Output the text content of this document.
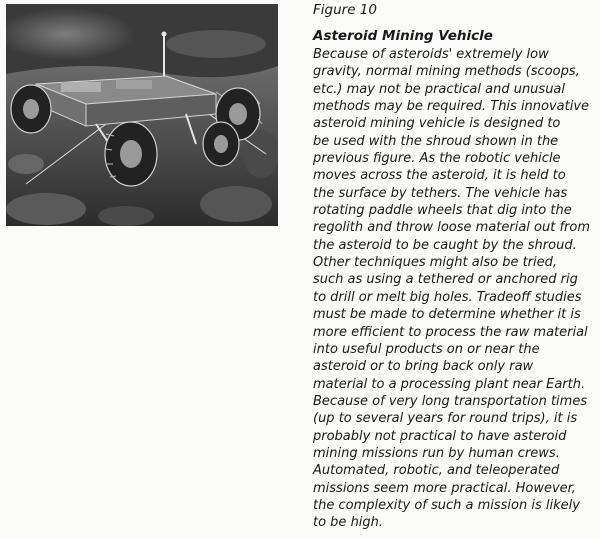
Figure 10
Asteroid Mining Vehicle
Because of asteroids' extremely low
gravity, normal mining methods (scoops,
etc.) may not be practical and unusual
methods may be required. This innovative
asteroid mining vehicle is designed to
be used with the shroud shown in the
previous figure. As the robotic vehicle
moves across the asteroid, it is held to
the surface by tethers. The vehicle has
rotating paddle wheels that dig into the
regolith and throw loose material out from
the asteroid to be caught by the shroud.
Other techniques might also be tried,
such as using a tethered or anchored rig
to drill or melt big holes. Tradeoff studies
must be made to determine whether it is
more efficient to process the raw material
into useful products on or near the
asteroid or to bring back only raw
material to a processing plant near Earth.
Because of very long transportation times
(up to several years for round trips), it is
probably not practical to have asteroid
mining missions run by human crews.
Automated, robotic, and teleoperated
missions seem more practical. However,
the complexity of such a mission is likely
to be high.
